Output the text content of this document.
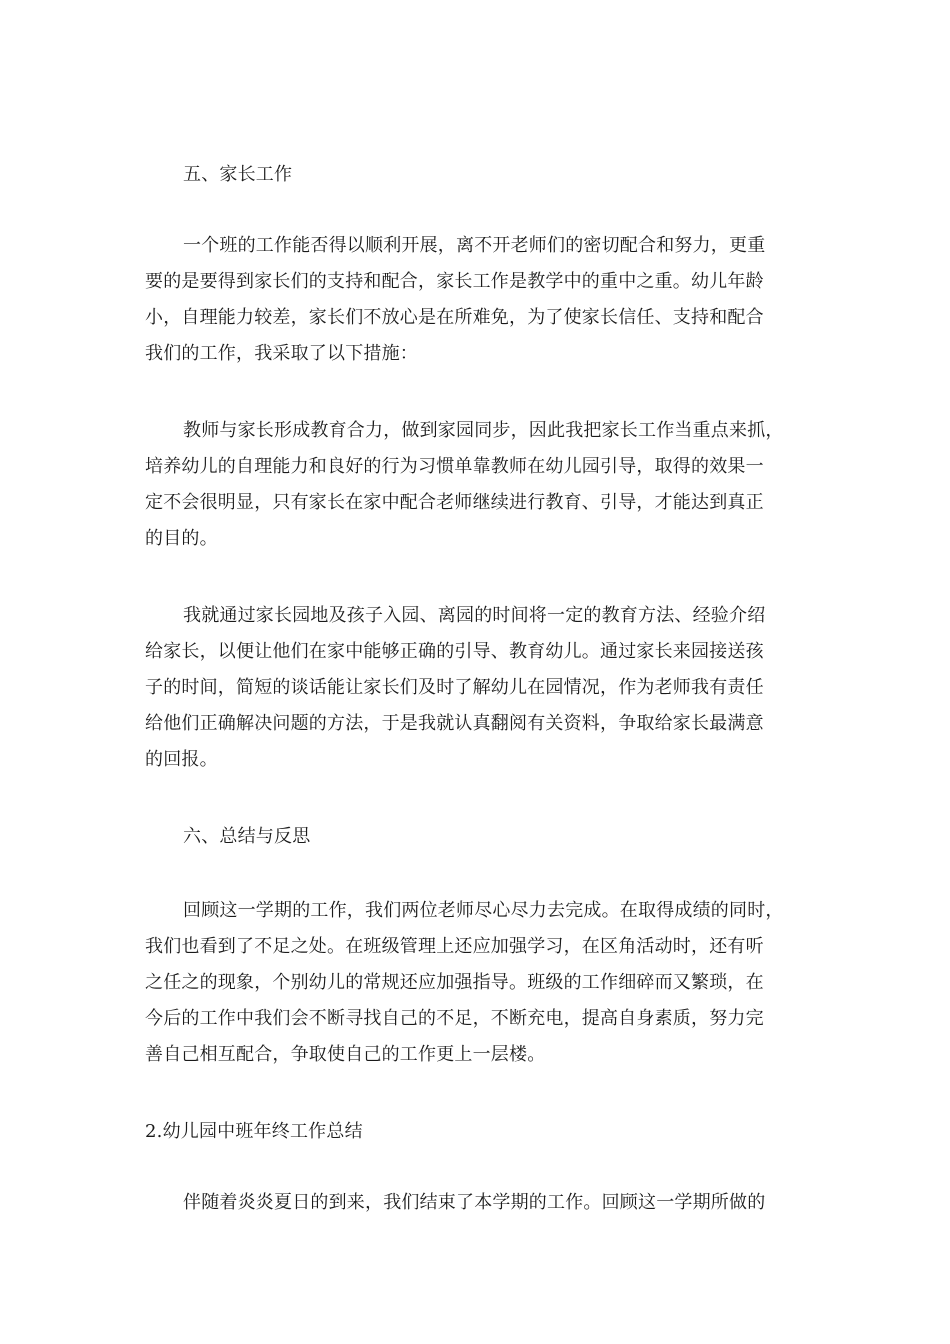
五、家长工作
一个班的工作能否得以顺利开展，离不开老师们的密切配合和努力，更重
要的是要得到家长们的支持和配合，家长工作是教学中的重中之重。幼儿年龄
小，自理能力较差，家长们不放心是在所难免，为了使家长信任、支持和配合
我们的工作，我采取了以下措施：
教师与家长形成教育合力，做到家园同步，因此我把家长工作当重点来抓，
培养幼儿的自理能力和良好的行为习惯单靠教师在幼儿园引导，取得的效果一
定不会很明显，只有家长在家中配合老师继续进行教育、引导，才能达到真正
的目的。
我就通过家长园地及孩子入园、离园的时间将一定的教育方法、经验介绍
给家长，以便让他们在家中能够正确的引导、教育幼儿。通过家长来园接送孩
子的时间，简短的谈话能让家长们及时了解幼儿在园情况，作为老师我有责任
给他们正确解决问题的方法，于是我就认真翻阅有关资料，争取给家长最满意
的回报。
六、总结与反思
回顾这一学期的工作，我们两位老师尽心尽力去完成。在取得成绩的同时，
我们也看到了不足之处。在班级管理上还应加强学习，在区角活动时，还有听
之任之的现象，个别幼儿的常规还应加强指导。班级的工作细碎而又繁琐，在
今后的工作中我们会不断寻找自己的不足，不断充电，提高自身素质，努力完
善自己相互配合，争取使自己的工作更上一层楼。
2.幼儿园中班年终工作总结
伴随着炎炎夏日的到来，我们结束了本学期的工作。回顾这一学期所做的
